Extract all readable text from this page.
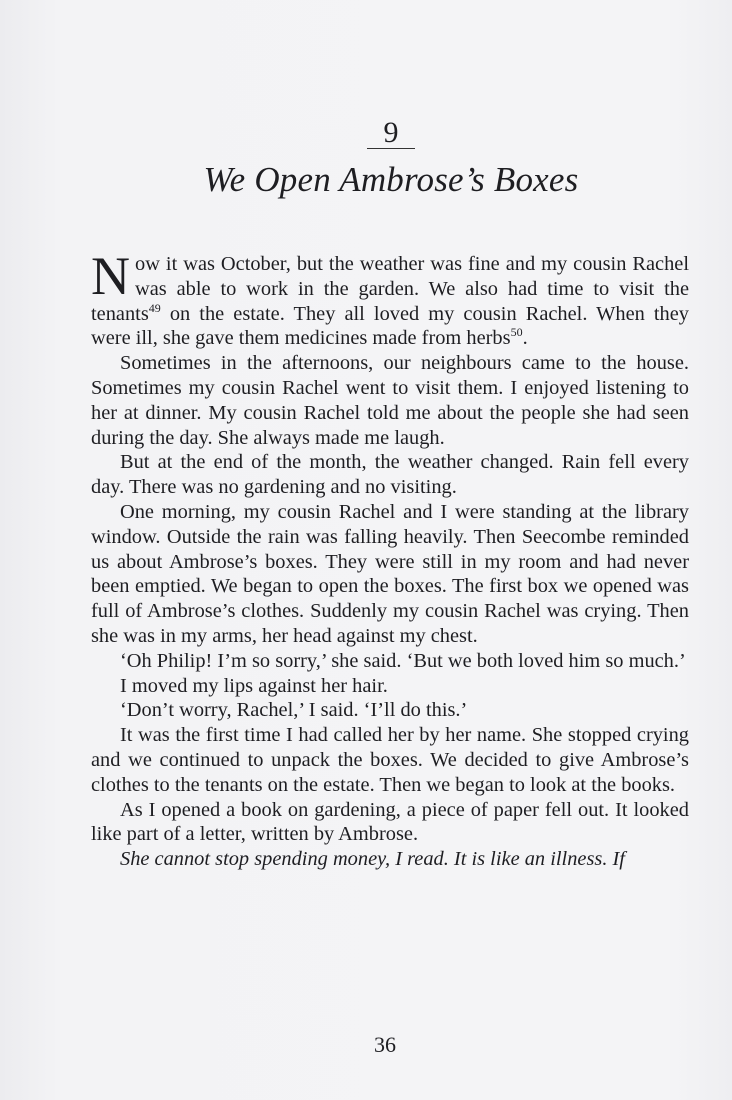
9
We Open Ambrose’s Boxes

Now it was October, but the weather was fine and my cousin Rachel was able to work in the garden. We also had time to visit the tenants$^{49}$ on the estate. They all loved my cousin Rachel. When they were ill, she gave them medicines made from herbs$^{50}$.

Sometimes in the afternoons, our neighbours came to the house. Sometimes my cousin Rachel went to visit them. I enjoyed listening to her at dinner. My cousin Rachel told me about the people she had seen during the day. She always made me laugh.

But at the end of the month, the weather changed. Rain fell every day. There was no gardening and no visiting.

One morning, my cousin Rachel and I were standing at the library window. Outside the rain was falling heavily. Then Seecombe reminded us about Ambrose’s boxes. They were still in my room and had never been emptied. We began to open the boxes. The first box we opened was full of Ambrose’s clothes. Suddenly my cousin Rachel was crying. Then she was in my arms, her head against my chest.

‘Oh Philip! I’m so sorry,’ she said. ‘But we both loved him so much.’

I moved my lips against her hair.

‘Don’t worry, Rachel,’ I said. ‘I’ll do this.’

It was the first time I had called her by her name. She stopped crying and we continued to unpack the boxes. We decided to give Ambrose’s clothes to the tenants on the estate. Then we began to look at the books.

As I opened a book on gardening, a piece of paper fell out. It looked like part of a letter, written by Ambrose.

She cannot stop spending money, I read. It is like an illness. If

36
